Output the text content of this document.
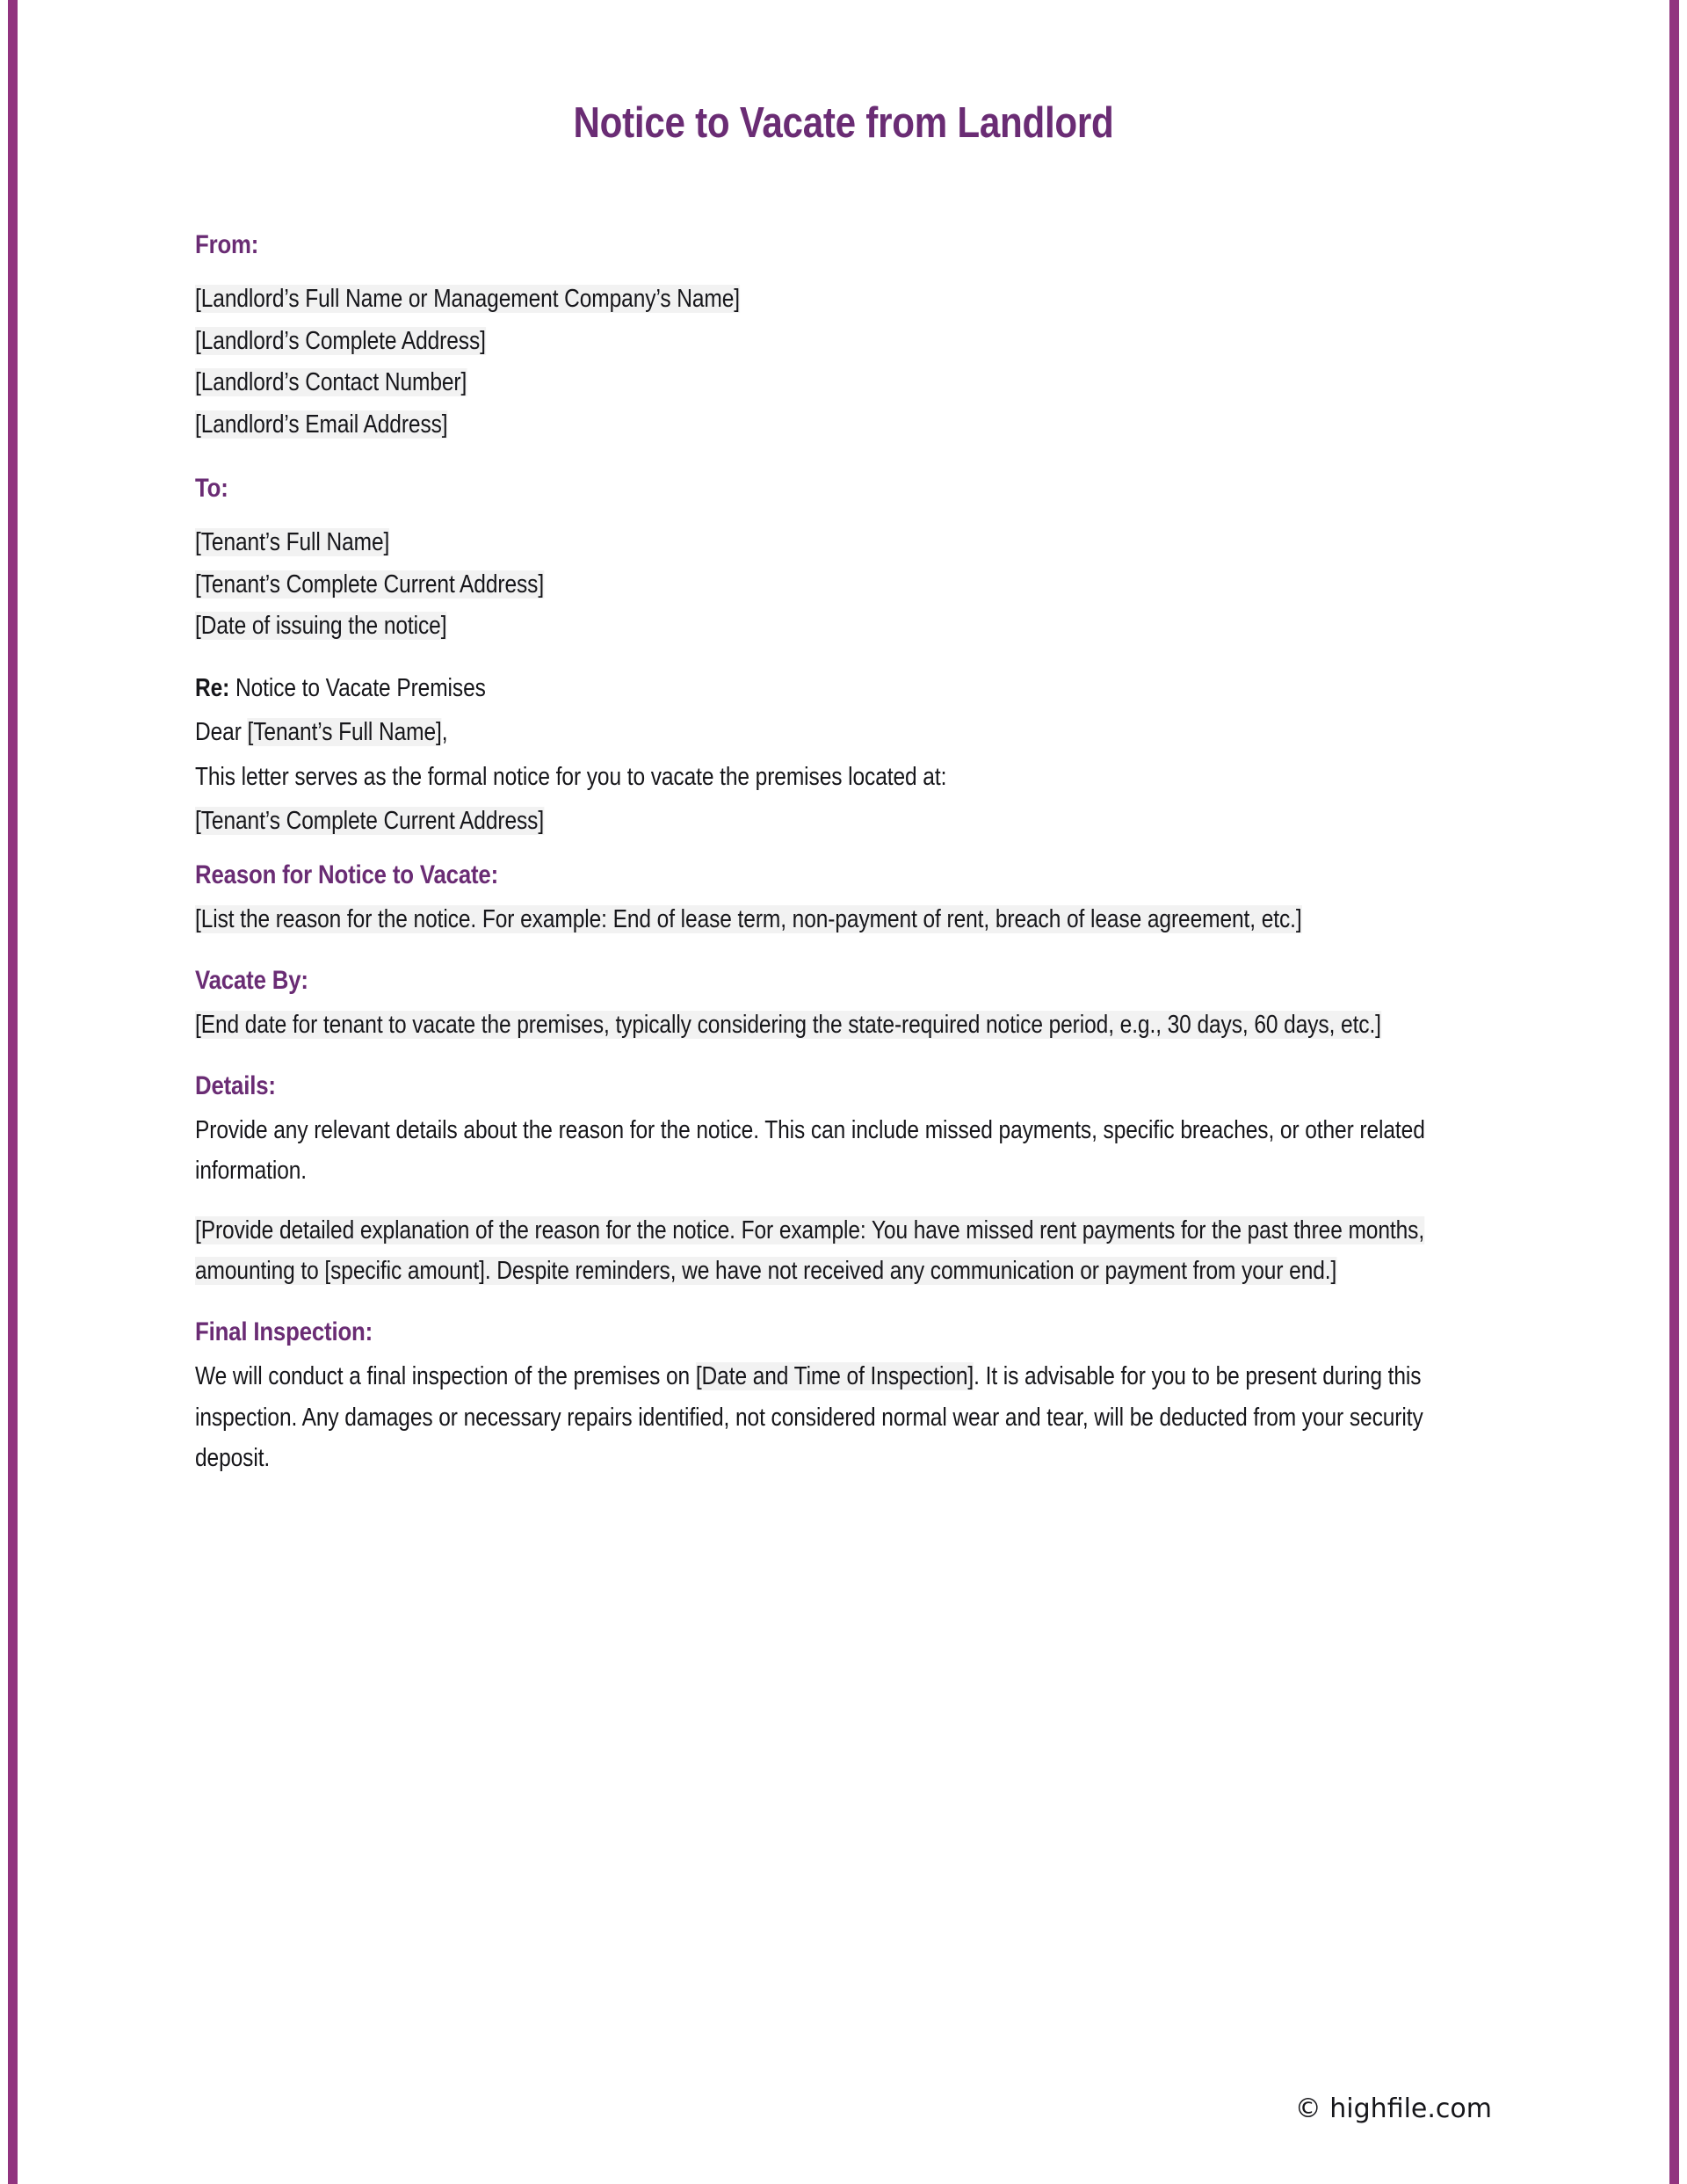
Notice to Vacate from Landlord
From:
[Landlord’s Full Name or Management Company’s Name]
[Landlord’s Complete Address]
[Landlord’s Contact Number]
[Landlord’s Email Address]
To:
[Tenant’s Full Name]
[Tenant’s Complete Current Address]
[Date of issuing the notice]
Re: Notice to Vacate Premises
Dear [Tenant’s Full Name],
This letter serves as the formal notice for you to vacate the premises located at:
[Tenant’s Complete Current Address]
Reason for Notice to Vacate:
[List the reason for the notice. For example: End of lease term, non-payment of rent, breach of lease agreement, etc.]
Vacate By:
[End date for tenant to vacate the premises, typically considering the state-required notice period, e.g., 30 days, 60 days, etc.]
Details:
Provide any relevant details about the reason for the notice. This can include missed payments, specific breaches, or other related information.
[Provide detailed explanation of the reason for the notice. For example: You have missed rent payments for the past three months, amounting to [specific amount]. Despite reminders, we have not received any communication or payment from your end.]
Final Inspection:
We will conduct a final inspection of the premises on [Date and Time of Inspection]. It is advisable for you to be present during this inspection. Any damages or necessary repairs identified, not considered normal wear and tear, will be deducted from your security deposit.
© highfile.com
